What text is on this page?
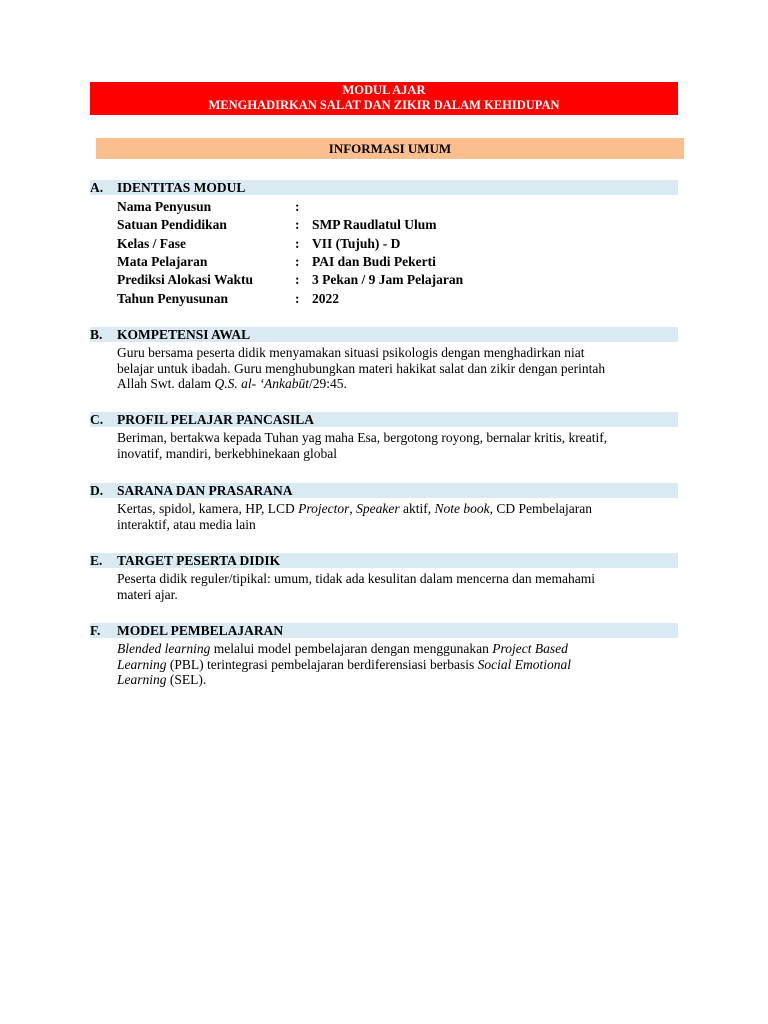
MODUL AJAR
MENGHADIRKAN SALAT DAN ZIKIR DALAM KEHIDUPAN
INFORMASI UMUM
A. IDENTITAS MODUL
Nama Penyusun	:
Satuan Pendidikan	: SMP Raudlatul Ulum
Kelas / Fase	: VII (Tujuh) - D
Mata Pelajaran	: PAI dan Budi Pekerti
Prediksi Alokasi Waktu	: 3 Pekan / 9 Jam Pelajaran
Tahun Penyusunan	: 2022
B. KOMPETENSI AWAL
Guru bersama peserta didik menyamakan situasi psikologis dengan menghadirkan niat
belajar untuk ibadah. Guru menghubungkan materi hakikat salat dan zikir dengan perintah
Allah Swt. dalam Q.S. al- ‘Ankabūt/29:45.
C. PROFIL PELAJAR PANCASILA
Beriman, bertakwa kepada Tuhan yag maha Esa, bergotong royong, bernalar kritis, kreatif,
inovatif, mandiri, berkebhinekaan global
D. SARANA DAN PRASARANA
Kertas, spidol, kamera, HP, LCD Projector, Speaker aktif, Note book, CD Pembelajaran
interaktif, atau media lain
E. TARGET PESERTA DIDIK
Peserta didik reguler/tipikal: umum, tidak ada kesulitan dalam mencerna dan memahami
materi ajar.
F. MODEL PEMBELAJARAN
Blended learning melalui model pembelajaran dengan menggunakan Project Based
Learning (PBL) terintegrasi pembelajaran berdiferensiasi berbasis Social Emotional
Learning (SEL).
